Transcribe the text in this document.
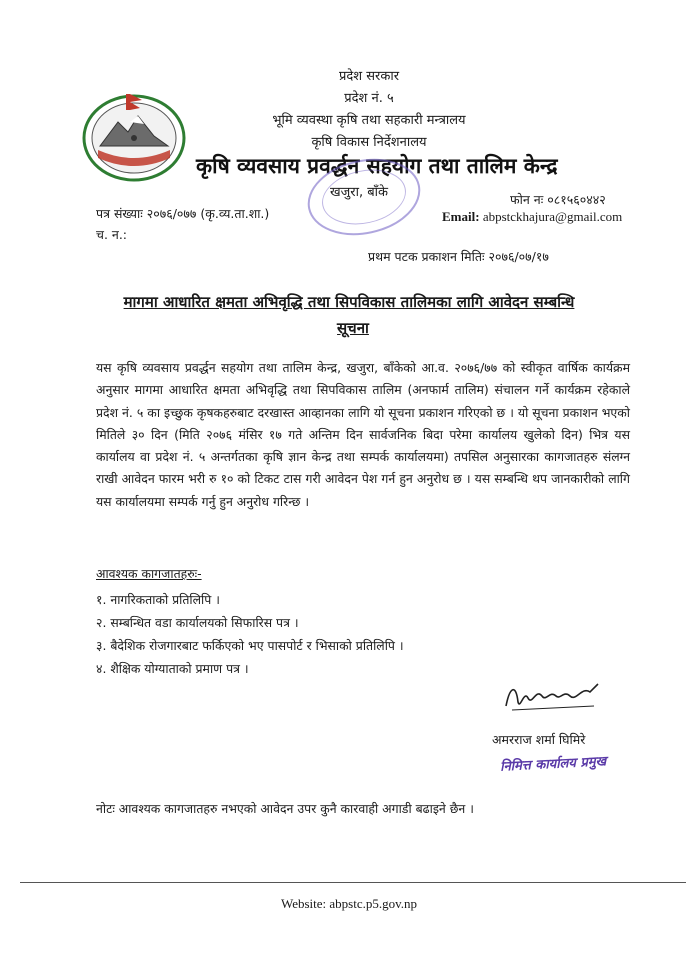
प्रदेश सरकार
प्रदेश नं. ५
भूमि व्यवस्था कृषि तथा सहकारी मन्त्रालय
कृषि विकास निर्देशनालय
कृषि व्यवसाय प्रवर्द्धन सहयोग तथा तालिम केन्द्र
खजुरा, बाँके
पत्र संख्याः २०७६/०७७ (कृ.व्य.ता.शा.)
च. न.:
फोन नः ०८१५६०४४२
Email: abpstckhajura@gmail.com
प्रथम पटक प्रकाशन मितिः २०७६/०७/१७
मागमा आधारित क्षमता अभिवृद्धि तथा सिपविकास तालिमका लागि आवेदन सम्बन्धि
सूचना
यस कृषि व्यवसाय प्रवर्द्धन सहयोग तथा तालिम केन्द्र, खजुरा, बाँकेको आ.व. २०७६/७७ को स्वीकृत वार्षिक कार्यक्रम अनुसार मागमा आधारित क्षमता अभिवृद्धि तथा सिपविकास तालिम (अनफार्म तालिम) संचालन गर्ने कार्यक्रम रहेकाले प्रदेश नं. ५ का इच्छुक कृषकहरुबाट दरखास्त आव्हानका लागि यो सूचना प्रकाशन गरिएको छ । यो सूचना प्रकाशन भएको मितिले ३० दिन (मिति २०७६ मंसिर १७ गते अन्तिम दिन सार्वजनिक बिदा परेमा कार्यालय खुलेको दिन) भित्र यस कार्यालय वा प्रदेश नं. ५ अन्तर्गतका कृषि ज्ञान केन्द्र तथा सम्पर्क कार्यालयमा) तपसिल अनुसारका कागजातहरु संलग्न राखी आवेदन फारम भरी रु १० को टिकट टास गरी आवेदन पेश गर्न हुन अनुरोध छ । यस सम्बन्धि थप जानकारीको लागि यस कार्यालयमा सम्पर्क गर्नु हुन अनुरोध गरिन्छ ।
आवश्यक कागजातहरुः-
१. नागरिकताको प्रतिलिपि ।
२. सम्बन्धित वडा कार्यालयको सिफारिस पत्र ।
३. बैदेशिक रोजगारबाट फर्किएको भए पासपोर्ट र भिसाको प्रतिलिपि ।
४. शैक्षिक योग्याताको प्रमाण पत्र ।
अमरराज शर्मा घिमिरे
निमित्त कार्यालय प्रमुख
नोटः आवश्यक कागजातहरु नभएको आवेदन उपर कुनै कारवाही अगाडी बढाइने छैन ।
Website: abpstc.p5.gov.np
